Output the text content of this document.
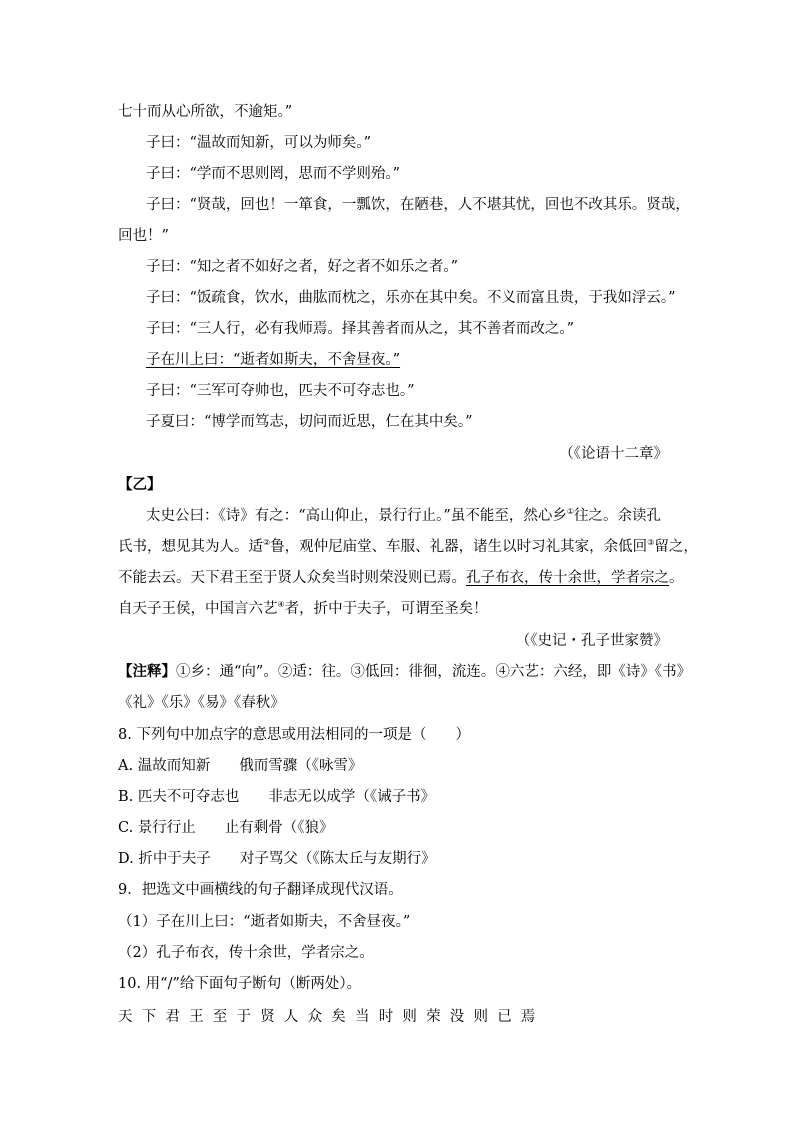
七十而从心所欲，不逾矩。”
子曰：“温故而知新，可以为师矣。”
子曰：“学而不思则罔，思而不学则殆。”
子曰：“贤哉，回也！一箪食，一瓢饮，在陋巷，人不堪其忧，回也不改其乐。贤哉，
回也！”
子曰：“知之者不如好之者，好之者不如乐之者。”
子曰：“饭疏食，饮水，曲肱而枕之，乐亦在其中矣。不义而富且贵，于我如浮云。”
子曰：“三人行，必有我师焉。择其善者而从之，其不善者而改之。”
子在川上曰：“逝者如斯夫，不舍昼夜。”
子曰：“三军可夺帅也，匹夫不可夺志也。”
子夏曰：“博学而笃志，切问而近思，仁在其中矣。”
（《论语十二章》
【乙】
太史公曰：《诗》有之：“高山仰止，景行行止。”虽不能至，然心乡①往之。余读孔
氏书，想见其为人。适②鲁，观仲尼庙堂、车服、礼器，诸生以时习礼其家，余低回③留之，
不能去云。天下君王至于贤人众矣当时则荣没则已焉。孔子布衣，传十余世，学者宗之。
自天子王侯，中国言六艺④者，折中于夫子，可谓至圣矣！
（《史记・孔子世家赞》
【注释】①乡：通“向”。②适：往。③低回：徘徊，流连。④六艺：六经，即《诗》《书》
《礼》《乐》《易》《春秋》
8. 下列句中加点字的意思或用法相同的一项是（　　）
A. 温故而知新　　俄而雪骤（《咏雪》
B. 匹夫不可夺志也　　非志无以成学（《诫子书》
C. 景行行止　　止有剩骨（《狼》
D. 折中于夫子　　对子骂父（《陈太丘与友期行》
9．把选文中画横线的句子翻译成现代汉语。
（1）子在川上曰：“逝者如斯夫，不舍昼夜。”
（2）孔子布衣，传十余世，学者宗之。
10. 用“/”给下面句子断句（断两处）。
天下君王至于贤人众矣当时则荣没则已焉
